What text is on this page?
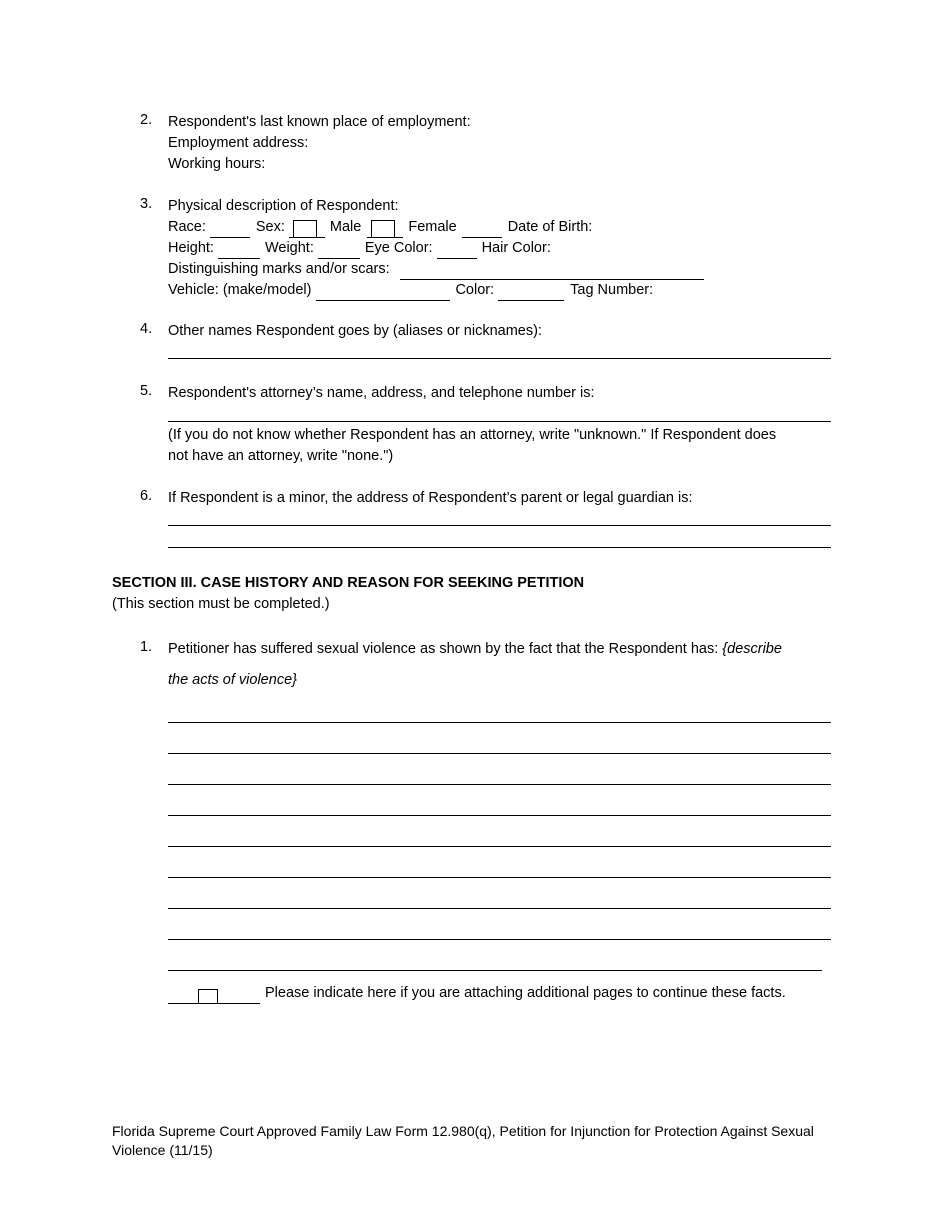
2. Respondent's last known place of employment:
Employment address:
Working hours:
3. Physical description of Respondent:
Race:	Sex:	Male	Female	Date of Birth:
Height:	Weight:	Eye Color:	Hair Color:
Distinguishing marks and/or scars:
Vehicle: (make/model)	Color:	Tag Number:
4. Other names Respondent goes by (aliases or nicknames):
5. Respondent's attorney’s name, address, and telephone number is:
(If you do not know whether Respondent has an attorney, write "unknown." If Respondent does
not have an attorney, write "none.")
6. If Respondent is a minor, the address of Respondent’s parent or legal guardian is:
SECTION III. CASE HISTORY AND REASON FOR SEEKING PETITION
(This section must be completed.)
1. Petitioner has suffered sexual violence as shown by the fact that the Respondent has: {describe
the acts of violence}
Please indicate here if you are attaching additional pages to continue these facts.
Florida Supreme Court Approved Family Law Form 12.980(q), Petition for Injunction for Protection Against Sexual
Violence (11/15)
